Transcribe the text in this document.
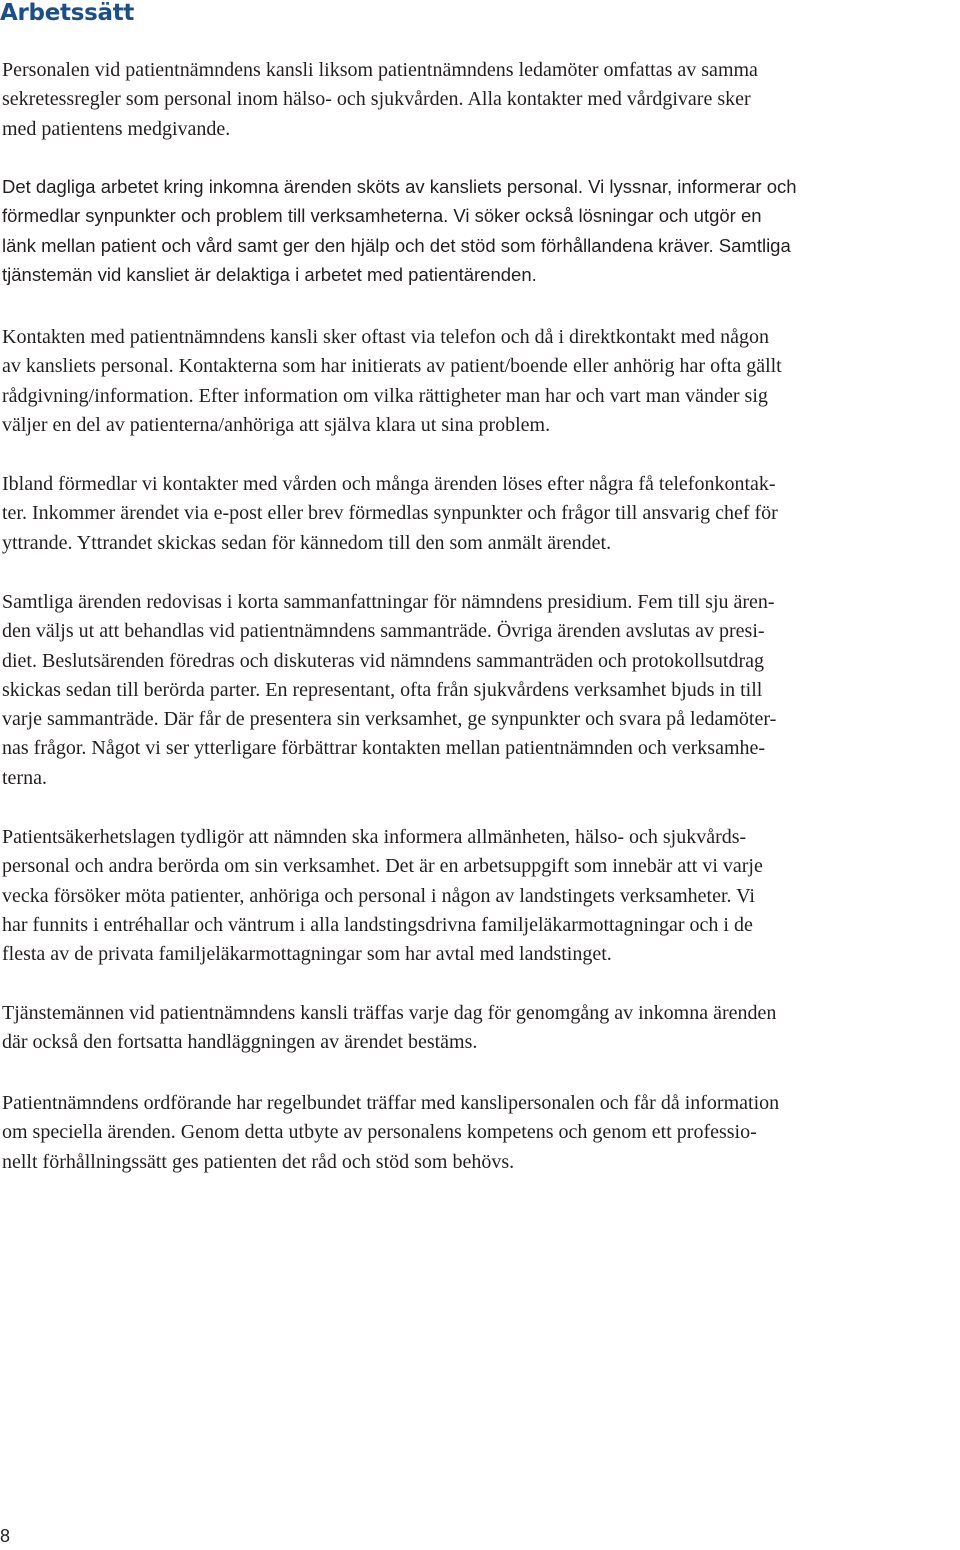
Arbetssätt
Personalen vid patientnämndens kansli liksom patientnämndens ledamöter omfattas av samma
sekretessregler som personal inom hälso- och sjukvården. Alla kontakter med vårdgivare sker
med patientens medgivande.
Det dagliga arbetet kring inkomna ärenden sköts av kansliets personal. Vi lyssnar, informerar och
förmedlar synpunkter och problem till verksamheterna. Vi söker också lösningar och utgör en
länk mellan patient och vård samt ger den hjälp och det stöd som förhållandena kräver. Samtliga
tjänstemän vid kansliet är delaktiga i arbetet med patientärenden.
Kontakten med patientnämndens kansli sker oftast via telefon och då i direktkontakt med någon
av kansliets personal. Kontakterna som har initierats av patient/boende eller anhörig har ofta gällt
rådgivning/information. Efter information om vilka rättigheter man har och vart man vänder sig
väljer en del av patienterna/anhöriga att själva klara ut sina problem.
Ibland förmedlar vi kontakter med vården och många ärenden löses efter några få telefonkontak-
ter. Inkommer ärendet via e-post eller brev förmedlas synpunkter och frågor till ansvarig chef för
yttrande. Yttrandet skickas sedan för kännedom till den som anmält ärendet.
Samtliga ärenden redovisas i korta sammanfattningar för nämndens presidium. Fem till sju ären-
den väljs ut att behandlas vid patientnämndens sammanträde. Övriga ärenden avslutas av presi-
diet. Beslutsärenden föredras och diskuteras vid nämndens sammanträden och protokollsutdrag
skickas sedan till berörda parter. En representant, ofta från sjukvårdens verksamhet bjuds in till
varje sammanträde. Där får de presentera sin verksamhet, ge synpunkter och svara på ledamöter-
nas frågor. Något vi ser ytterligare förbättrar kontakten mellan patientnämnden och verksamhe-
terna.
Patientsäkerhetslagen tydligör att nämnden ska informera allmänheten, hälso- och sjukvårds-
personal och andra berörda om sin verksamhet. Det är en arbetsuppgift som innebär att vi varje
vecka försöker möta patienter, anhöriga och personal i någon av landstingets verksamheter. Vi
har funnits i entréhallar och väntrum i alla landstingsdrivna familjeläkarmottagningar och i de
flesta av de privata familjeläkarmottagningar som har avtal med landstinget.
Tjänstemännen vid patientnämndens kansli träffas varje dag för genomgång av inkomna ärenden
där också den fortsatta handläggningen av ärendet bestäms.
Patientnämndens ordförande har regelbundet träffar med kanslipersonalen och får då information
om speciella ärenden. Genom detta utbyte av personalens kompetens och genom ett professio-
nellt förhållningssätt ges patienten det råd och stöd som behövs.

8
